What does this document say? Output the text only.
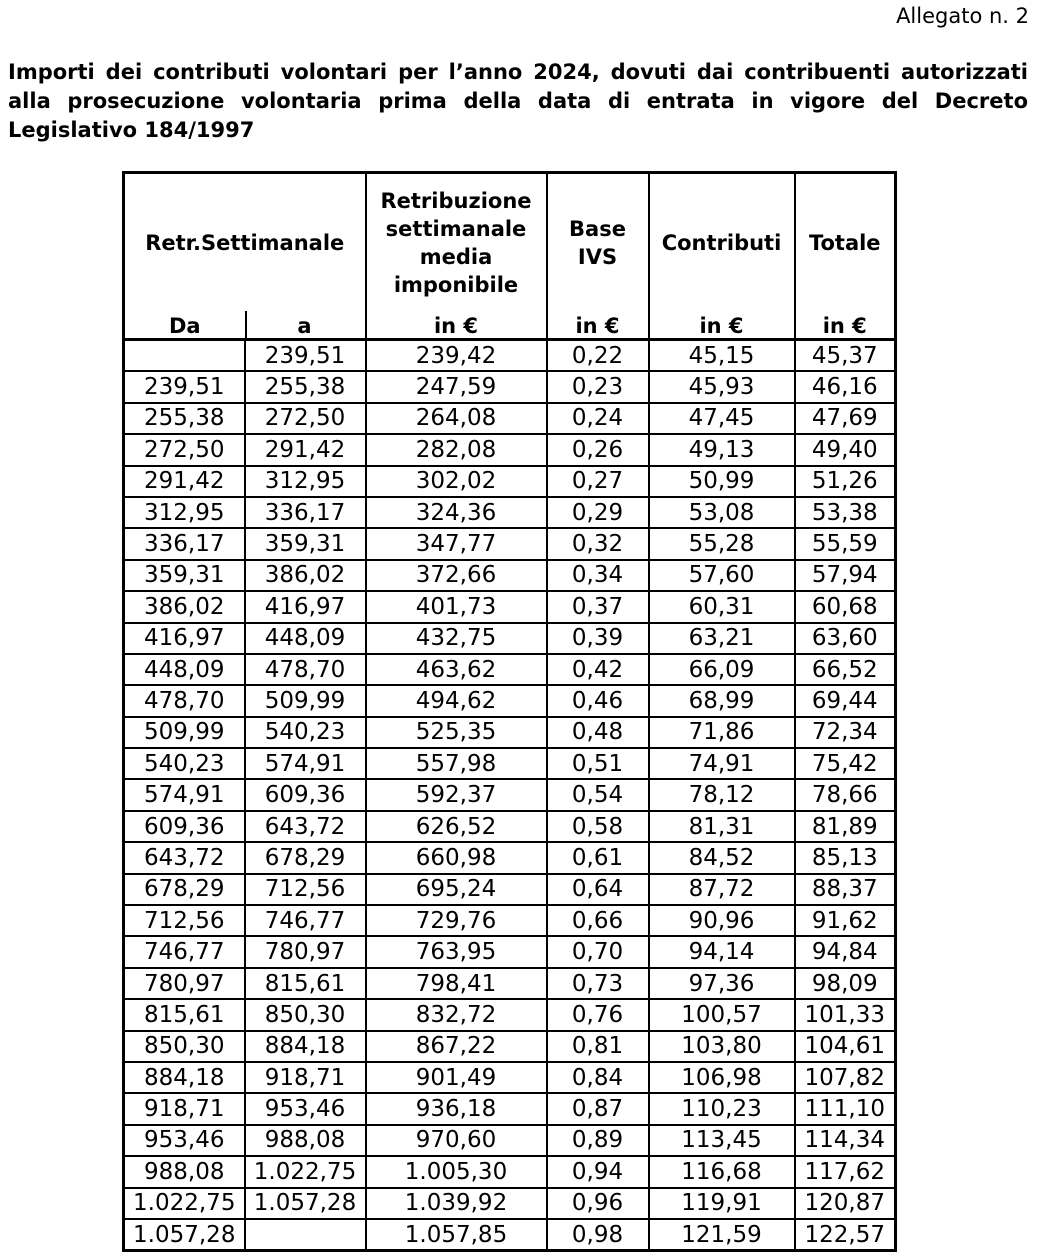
Allegato n. 2
Importi dei contributi volontari per l’anno 2024, dovuti dai contribuenti autorizzati alla prosecuzione volontaria prima della data di entrata in vigore del Decreto Legislativo 184/1997
Retr.Settimanale		Retribuzione settimanale media imponibile	Base IVS	Contributi	Totale
Da	a	in €	in €	in €	in €
	239,51	239,42	0,22	45,15	45,37
239,51	255,38	247,59	0,23	45,93	46,16
255,38	272,50	264,08	0,24	47,45	47,69
272,50	291,42	282,08	0,26	49,13	49,40
291,42	312,95	302,02	0,27	50,99	51,26
312,95	336,17	324,36	0,29	53,08	53,38
336,17	359,31	347,77	0,32	55,28	55,59
359,31	386,02	372,66	0,34	57,60	57,94
386,02	416,97	401,73	0,37	60,31	60,68
416,97	448,09	432,75	0,39	63,21	63,60
448,09	478,70	463,62	0,42	66,09	66,52
478,70	509,99	494,62	0,46	68,99	69,44
509,99	540,23	525,35	0,48	71,86	72,34
540,23	574,91	557,98	0,51	74,91	75,42
574,91	609,36	592,37	0,54	78,12	78,66
609,36	643,72	626,52	0,58	81,31	81,89
643,72	678,29	660,98	0,61	84,52	85,13
678,29	712,56	695,24	0,64	87,72	88,37
712,56	746,77	729,76	0,66	90,96	91,62
746,77	780,97	763,95	0,70	94,14	94,84
780,97	815,61	798,41	0,73	97,36	98,09
815,61	850,30	832,72	0,76	100,57	101,33
850,30	884,18	867,22	0,81	103,80	104,61
884,18	918,71	901,49	0,84	106,98	107,82
918,71	953,46	936,18	0,87	110,23	111,10
953,46	988,08	970,60	0,89	113,45	114,34
988,08	1.022,75	1.005,30	0,94	116,68	117,62
1.022,75	1.057,28	1.039,92	0,96	119,91	120,87
1.057,28		1.057,85	0,98	121,59	122,57
